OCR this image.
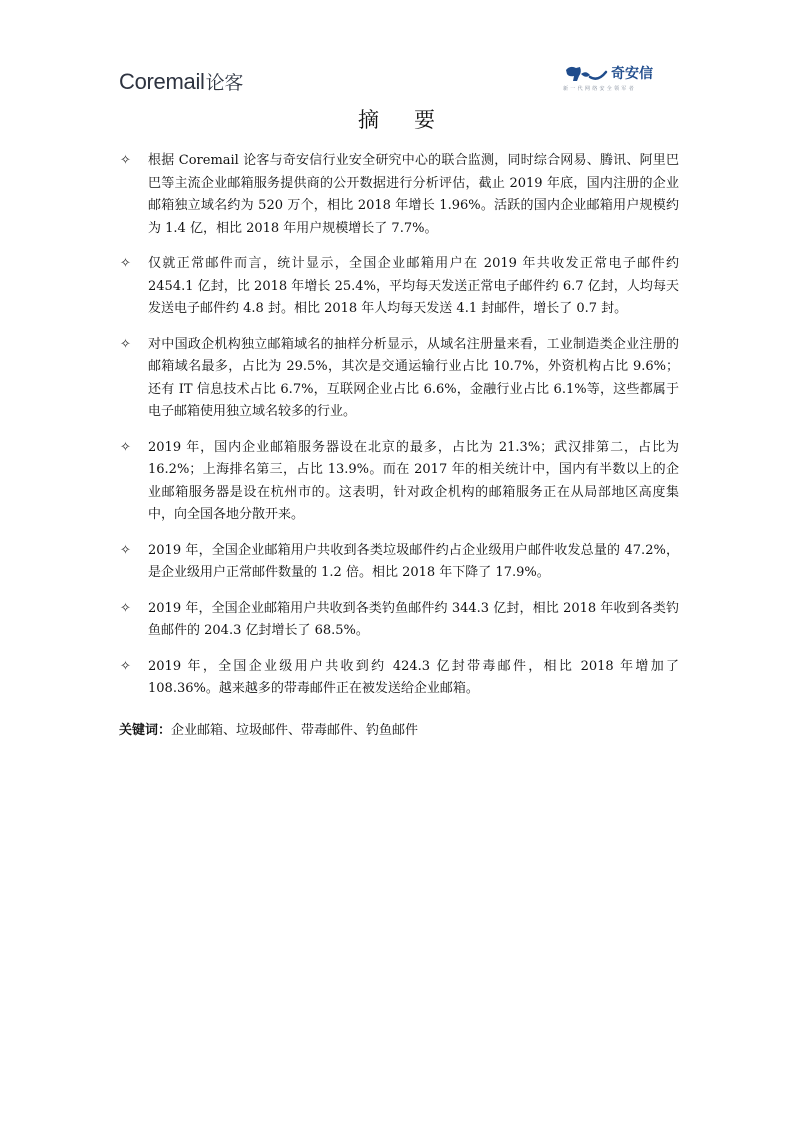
Coremail论客	奇安信
新一代网络安全领军者
摘要
✧ 根据 Coremail 论客与奇安信行业安全研究中心的联合监测，同时综合网易、腾讯、阿里巴巴等主流企业邮箱服务提供商的公开数据进行分析评估，截止 2019 年底，国内注册的企业邮箱独立域名约为 520 万个，相比 2018 年增长 1.96%。活跃的国内企业邮箱用户规模约为 1.4 亿，相比 2018 年用户规模增长了 7.7%。
✧ 仅就正常邮件而言，统计显示，全国企业邮箱用户在 2019 年共收发正常电子邮件约 2454.1 亿封，比 2018 年增长 25.4%，平均每天发送正常电子邮件约 6.7 亿封，人均每天发送电子邮件约 4.8 封。相比 2018 年人均每天发送 4.1 封邮件，增长了 0.7 封。
✧ 对中国政企机构独立邮箱域名的抽样分析显示，从域名注册量来看，工业制造类企业注册的邮箱域名最多，占比为 29.5%，其次是交通运输行业占比 10.7%，外资机构占比 9.6%；还有 IT 信息技术占比 6.7%，互联网企业占比 6.6%，金融行业占比 6.1%等，这些都属于电子邮箱使用独立域名较多的行业。
✧ 2019 年，国内企业邮箱服务器设在北京的最多，占比为 21.3%；武汉排第二，占比为 16.2%；上海排名第三，占比 13.9%。而在 2017 年的相关统计中，国内有半数以上的企业邮箱服务器是设在杭州市的。这表明，针对政企机构的邮箱服务正在从局部地区高度集中，向全国各地分散开来。
✧ 2019 年，全国企业邮箱用户共收到各类垃圾邮件约占企业级用户邮件收发总量的 47.2%，是企业级用户正常邮件数量的 1.2 倍。相比 2018 年下降了 17.9%。
✧ 2019 年，全国企业邮箱用户共收到各类钓鱼邮件约 344.3 亿封，相比 2018 年收到各类钓鱼邮件的 204.3 亿封增长了 68.5%。
✧ 2019 年，全国企业级用户共收到约 424.3 亿封带毒邮件，相比 2018 年增加了 108.36%。越来越多的带毒邮件正在被发送给企业邮箱。
关键词：企业邮箱、垃圾邮件、带毒邮件、钓鱼邮件
